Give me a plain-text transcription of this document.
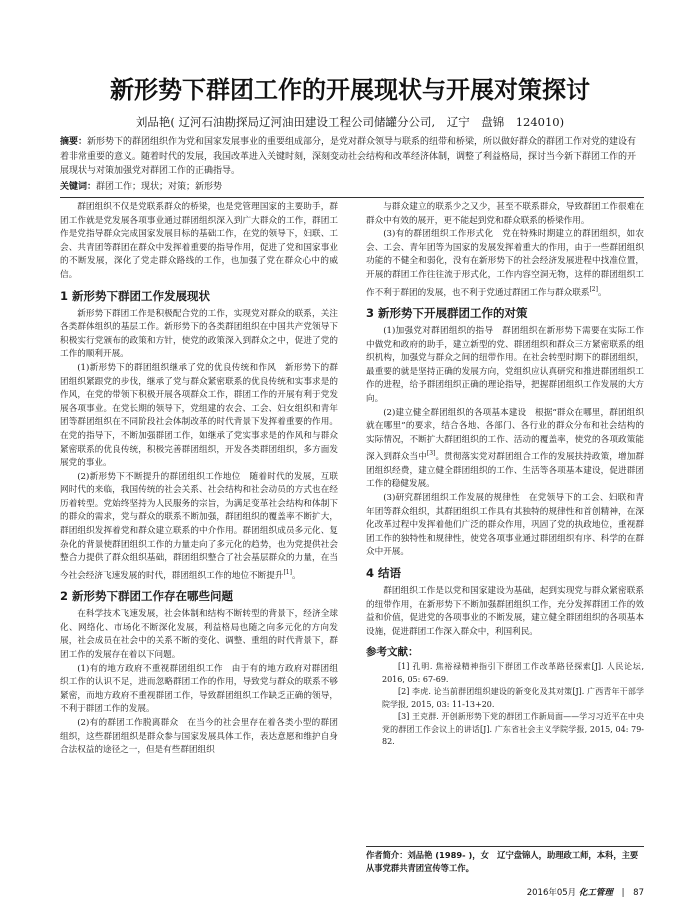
新形势下群团工作的开展现状与开展对策探讨
刘品艳( 辽河石油勘探局辽河油田建设工程公司储罐分公司,　辽宁　盘锦　124010)
摘要：新形势下的群团组织作为党和国家发展事业的重要组成部分，是党对群众领导与联系的纽带和桥梁，所以做好群众的群团工作对党的建设有着非常重要的意义。随着时代的发展，我国改革进入关键时刻，深刻变动社会结构和改革经济体制，调整了利益格局，探讨当今新下群团工作的开展现状与对策加强党对群团工作的正确指导。
关键词：群团工作；现状；对策；新形势

群团组织不仅是党联系群众的桥梁，也是党管理国家的主要助手，群团工作就是党发展各项事业通过群团组织深入到广大群众的工作，群团工作是党指导群众完成国家发展目标的基础工作，在党的领导下，妇联、工会、共青团等群团在群众中发挥着重要的指导作用，促进了党和国家事业的不断发展，深化了党走群众路线的工作，也加强了党在群众心中的威信。

1 新形势下群团工作发展现状

新形势下群团工作是积极配合党的工作，实现党对群众的联系，关注各类群体组织的基层工作。新形势下的各类群团组织在中国共产党领导下积极实行党颁布的政策和方针，使党的政策深入到群众之中，促进了党的工作的顺利开展。

(1)新形势下的群团组织继承了党的优良传统和作风　新形势下的群团组织紧跟党的步伐，继承了党与群众紧密联系的优良传统和实事求是的作风，在党的带领下积极开展各项群众工作，群团工作的开展有利于党发展各项事业。在党长期的领导下，党组建的农会、工会、妇女组织和青年团等群团组织在不同阶段社会体制改革的时代背景下发挥着重要的作用。在党的指导下，不断加强群团工作，如继承了党实事求是的作风和与群众紧密联系的优良传统，积极完善群团组织，开发各类群团组织，多方面发展党的事业。

(2)新形势下不断提升的群团组织工作地位　随着时代的发展，互联网时代的来临，我国传统的社会关系、社会结构和社会动员的方式也在经历着转型。党始终坚持为人民服务的宗旨，为满足变革社会结构和体制下的群众的需求，党与群众的联系不断加强，群团组织的覆盖率不断扩大，群团组织发挥着党和群众建立联系的中介作用。群团组织成员多元化、复杂化的背景使群团组织工作的力量走向了多元化的趋势，也为党提供社会整合力提供了群众组织基础，群团组织整合了社会基层群众的力量，在当今社会经济飞速发展的时代，群团组织工作的地位不断提升[1]。

2 新形势下群团工作存在哪些问题

在科学技术飞速发展，社会体制和结构不断转型的背景下，经济全球化、网络化、市场化不断深化发展，利益格局也随之向多元化的方向发展，社会成员在社会中的关系不断的变化、调整、重组的时代背景下，群团工作的发展存在着以下问题。

(1)有的地方政府不重视群团组织工作　由于有的地方政府对群团组织工作的认识不足，进而忽略群团工作的作用，导致党与群众的联系不够紧密，而地方政府不重视群团工作，导致群团组织工作缺乏正确的领导，不利于群团工作的发展。

(2)有的群团工作脱离群众　在当今的社会里存在着各类小型的群团组织，这些群团组织是群众参与国家发展具体工作，表达意愿和维护自身合法权益的途径之一，但是有些群团组织

与群众建立的联系少之又少，甚至不联系群众，导致群团工作很难在群众中有效的展开，更不能起到党和群众联系的桥梁作用。

(3)有的群团组织工作形式化　党在特殊时期建立的群团组织，如农会、工会、青年团等为国家的发展发挥着重大的作用，由于一些群团组织功能的不健全和弱化，没有在新形势下的社会经济发展进程中找准位置，开展的群团工作往往流于形式化，工作内容空洞无物，这样的群团组织工作不利于群团的发展，也不利于党通过群团工作与群众联系[2]。

3 新形势下开展群团工作的对策

(1)加强党对群团组织的指导　群团组织在新形势下需要在实际工作中做党和政府的助手，建立新型的党、群团组织和群众三方紧密联系的组织机构，加强党与群众之间的纽带作用。在社会转型时期下的群团组织，最重要的就是坚持正确的发展方向，党组织应认真研究和推进群团组织工作的进程，给予群团组织正确的理论指导，把握群团组织工作发展的大方向。

(2)建立健全群团组织的各项基本建设　根据“群众在哪里，群团组织就在哪里”的要求，结合各地、各部门、各行业的群众分布和社会结构的实际情况，不断扩大群团组织的工作、活动的覆盖率，使党的各项政策能深入到群众当中[3]。贯彻落实党对群团组合工作的发展扶持政策，增加群团组织经费，建立健全群团组织的工作、生活等各项基本建设，促进群团工作的稳健发展。

(3)研究群团组织工作发展的规律性　在党领导下的工会、妇联和青年团等群众组织，其群团组织工作具有其独特的规律性和首创精神，在深化改革过程中发挥着他们广泛的群众作用，巩固了党的执政地位，重视群团工作的独特性和规律性，使党各项事业通过群团组织有序、科学的在群众中开展。

4 结语

群团组织工作是以党和国家建设为基础，起到实现党与群众紧密联系的纽带作用，在新形势下不断加强群团组织工作，充分发挥群团工作的效益和价值，促进党的各项事业的不断发展，建立健全群团组织的各项基本设施，促进群团工作深入群众中，利国利民。

参考文献：

[1] 孔明. 焦裕禄精神指引下群团工作改革路径探索[J]. 人民论坛, 2016, 05: 67-69.

[2] 李虎. 论当前群团组织建设的新变化及其对策[J]. 广西青年干部学院学报, 2015, 03: 11-13+20.

[3] 王克群. 开创新形势下党的群团工作新局面——学习习近平在中央党的群团工作会议上的讲话[J]. 广东省社会主义学院学报, 2015, 04: 79-82.

作者简介：刘品艳 (1989- )，女　辽宁盘锦人，助理政工师，本科，主要从事党群共青团宣传等工作。
2016年05月 化工管理 | 87
